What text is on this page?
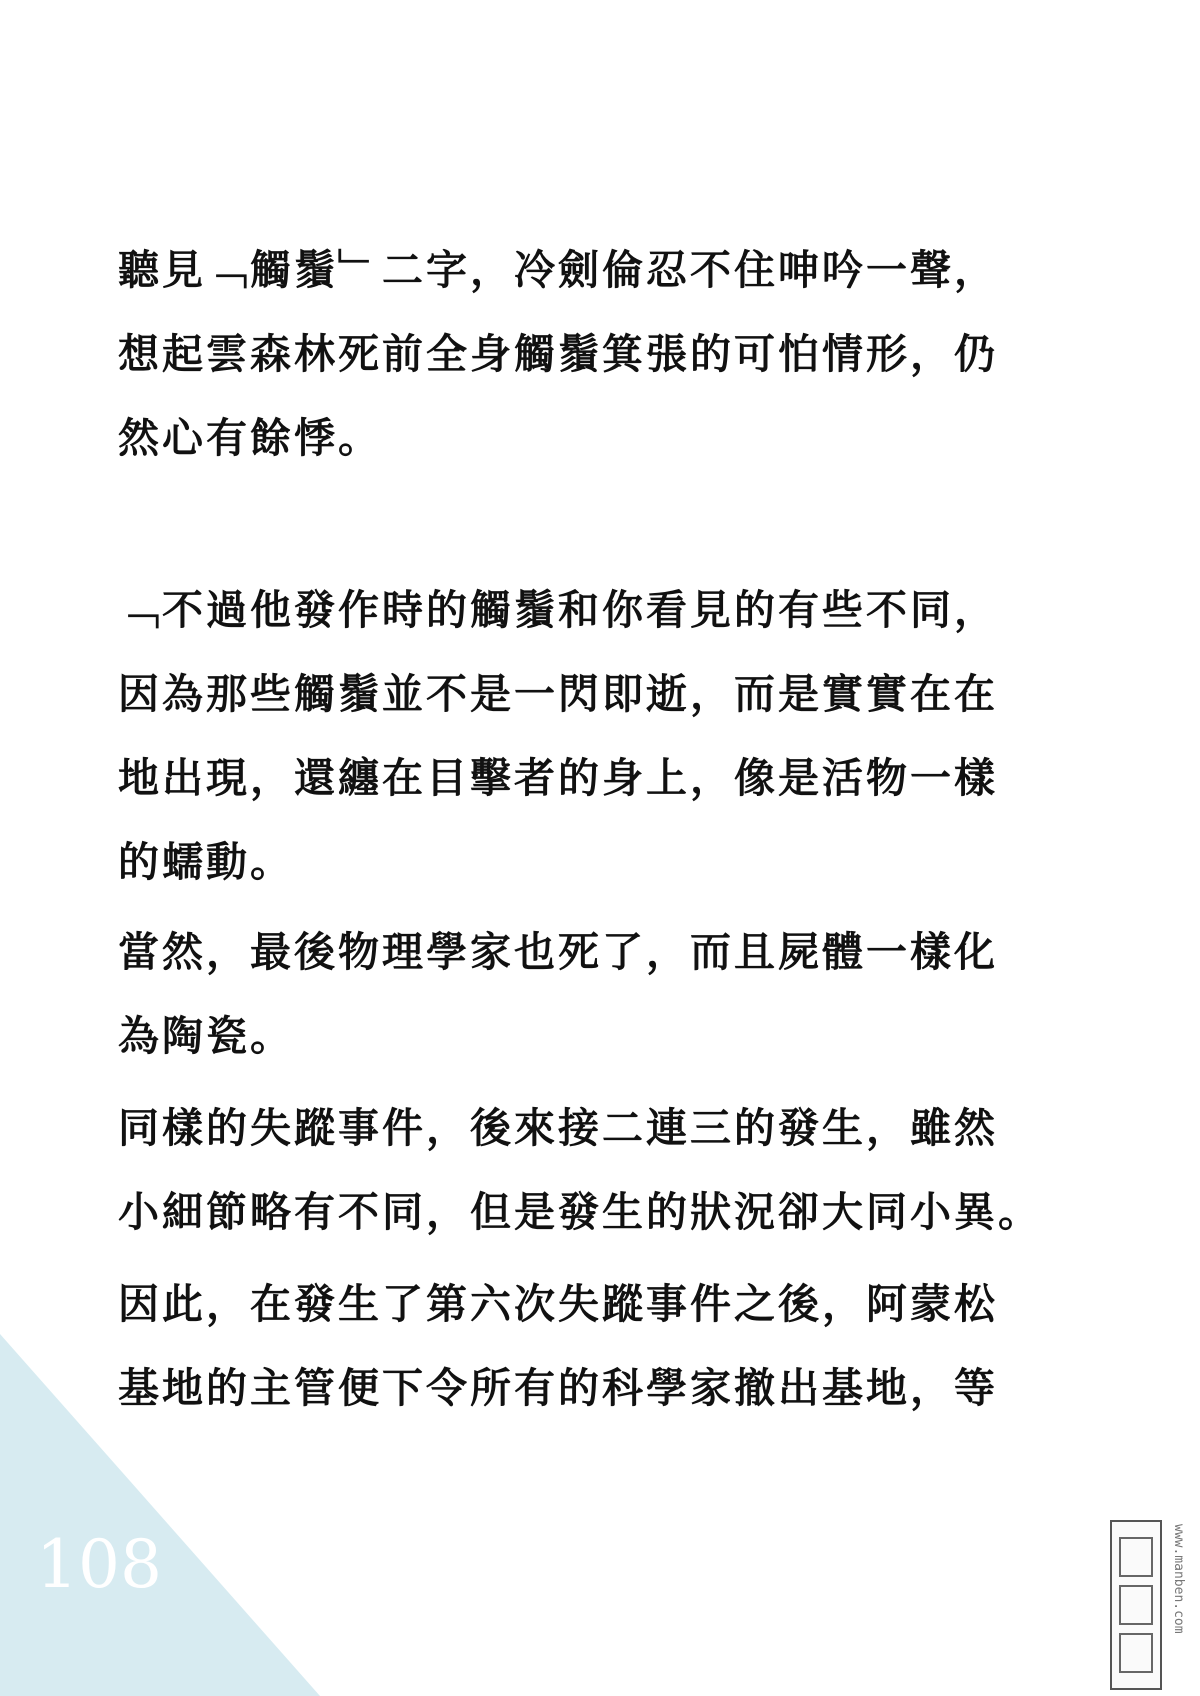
聽見﹁觸鬚﹂二字，冷劍倫忍不住呻吟一聲，
想起雲森林死前全身觸鬚箕張的可怕情形，仍
然心有餘悸。
﹁不過他發作時的觸鬚和你看見的有些不同，
因為那些觸鬚並不是一閃即逝，而是實實在在
地出現，還纏在目擊者的身上，像是活物一樣
的蠕動。
當然，最後物理學家也死了，而且屍體一樣化
為陶瓷。
同樣的失蹤事件，後來接二連三的發生，雖然
小細節略有不同，但是發生的狀況卻大同小異。
因此，在發生了第六次失蹤事件之後，阿蒙松
基地的主管便下令所有的科學家撤出基地，等
108	www.manben.com
